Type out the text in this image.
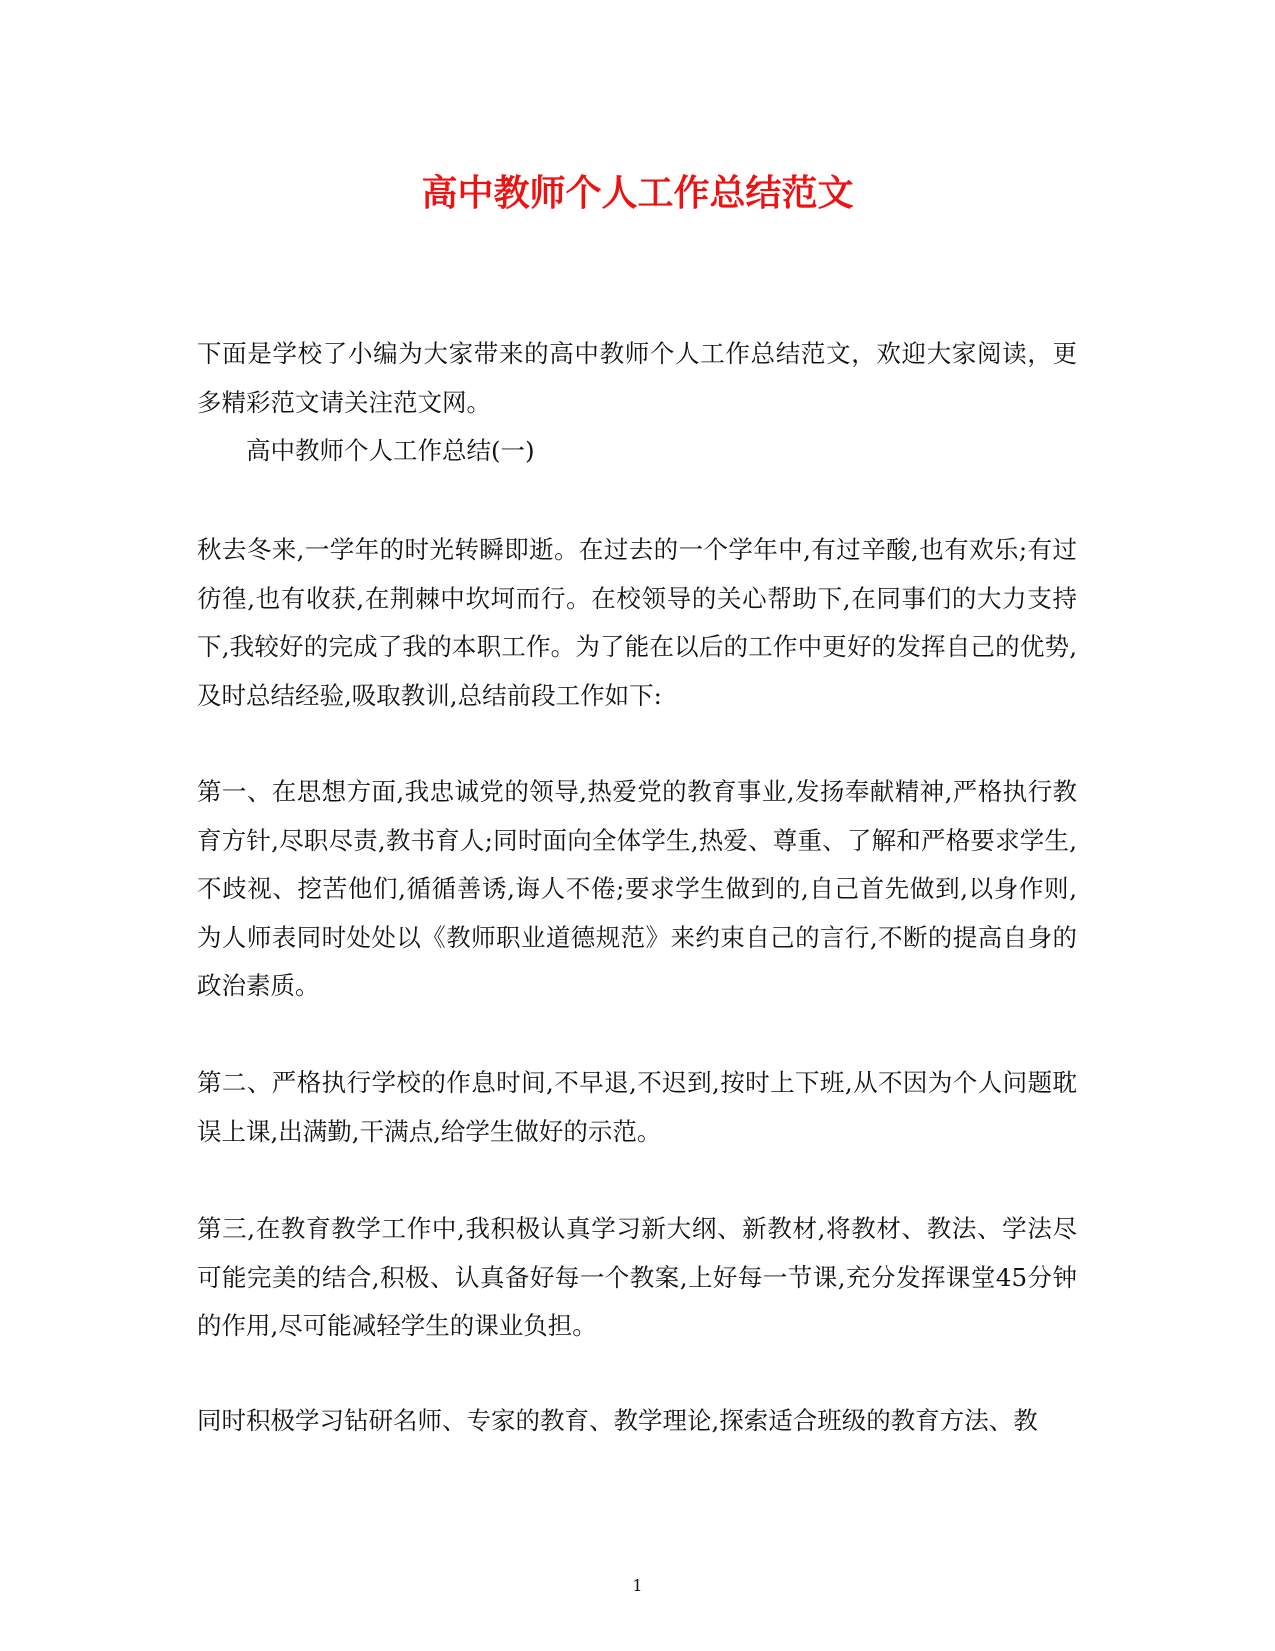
高中教师个人工作总结范文

下面是学校了小编为大家带来的高中教师个人工作总结范文，欢迎大家阅读，更多精彩范文请关注范文网。

高中教师个人工作总结(一)

秋去冬来,一学年的时光转瞬即逝。在过去的一个学年中,有过辛酸,也有欢乐;有过彷徨,也有收获,在荆棘中坎坷而行。在校领导的关心帮助下,在同事们的大力支持下,我较好的完成了我的本职工作。为了能在以后的工作中更好的发挥自己的优势,及时总结经验,吸取教训,总结前段工作如下:

第一、在思想方面,我忠诚党的领导,热爱党的教育事业,发扬奉献精神,严格执行教育方针,尽职尽责,教书育人;同时面向全体学生,热爱、尊重、了解和严格要求学生,不歧视、挖苦他们,循循善诱,诲人不倦;要求学生做到的,自己首先做到,以身作则,为人师表同时处处以《教师职业道德规范》来约束自己的言行,不断的提高自身的政治素质。

第二、严格执行学校的作息时间,不早退,不迟到,按时上下班,从不因为个人问题耽误上课,出满勤,干满点,给学生做好的示范。

第三,在教育教学工作中,我积极认真学习新大纲、新教材,将教材、教法、学法尽可能完美的结合,积极、认真备好每一个教案,上好每一节课,充分发挥课堂45分钟的作用,尽可能减轻学生的课业负担。

同时积极学习钻研名师、专家的教育、教学理论,探索适合班级的教育方法、教

1
